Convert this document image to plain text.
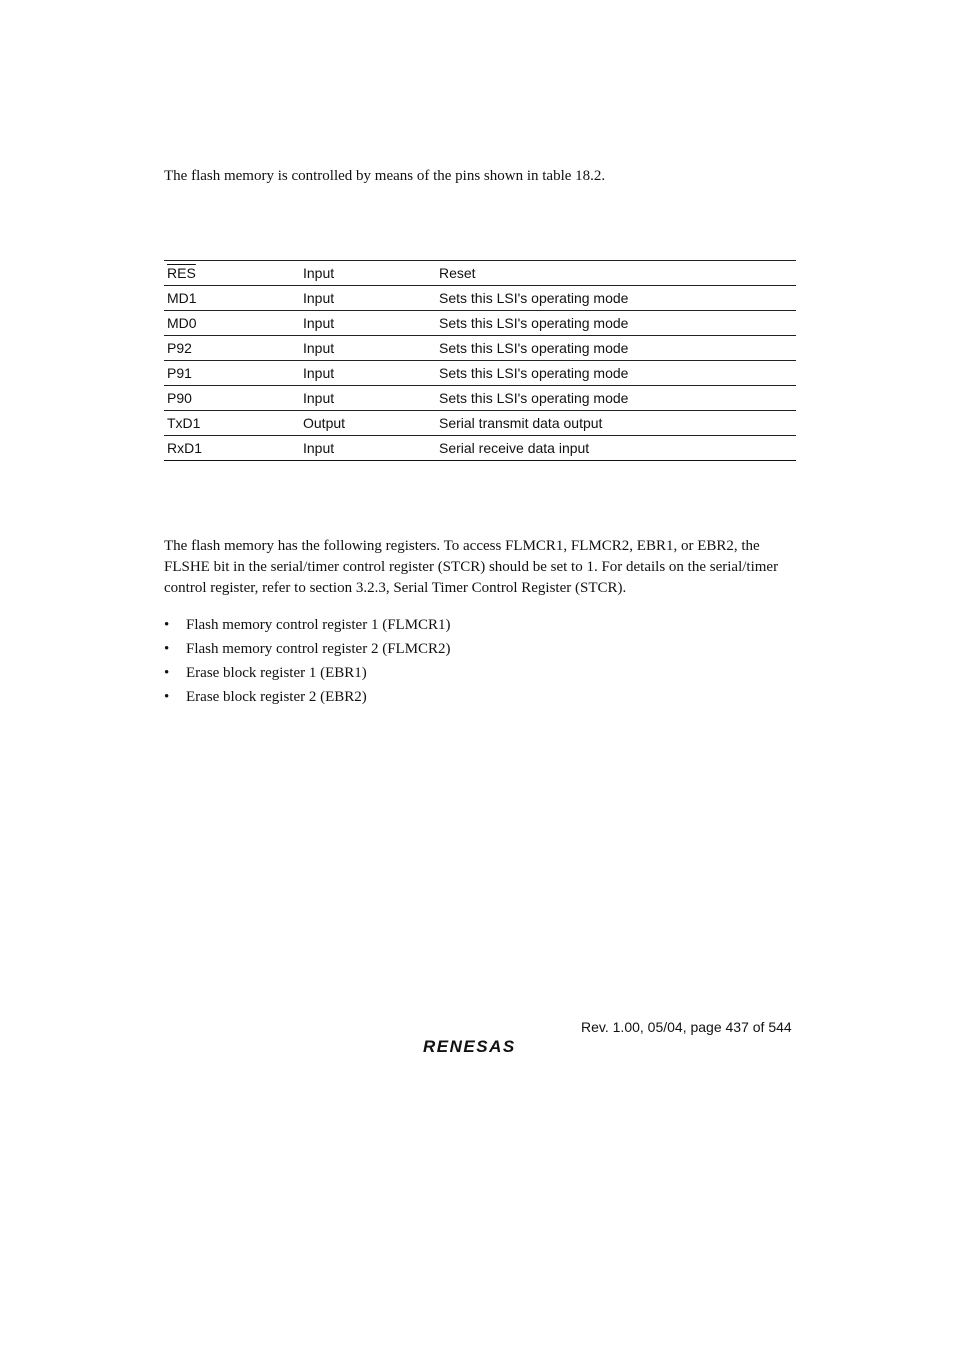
The flash memory is controlled by means of the pins shown in table 18.2.

$\overline{RES}$	Input	Reset
MD1	Input	Sets this LSI's operating mode
MD0	Input	Sets this LSI's operating mode
P92	Input	Sets this LSI's operating mode
P91	Input	Sets this LSI's operating mode
P90	Input	Sets this LSI's operating mode
TxD1	Output	Serial transmit data output
RxD1	Input	Serial receive data input

The flash memory has the following registers. To access FLMCR1, FLMCR2, EBR1, or EBR2, the FLSHE bit in the serial/timer control register (STCR) should be set to 1. For details on the serial/timer control register, refer to section 3.2.3, Serial Timer Control Register (STCR).

• Flash memory control register 1 (FLMCR1)
• Flash memory control register 2 (FLMCR2)
• Erase block register 1 (EBR1)
• Erase block register 2 (EBR2)

Rev. 1.00, 05/04, page 437 of 544

RENESAS
